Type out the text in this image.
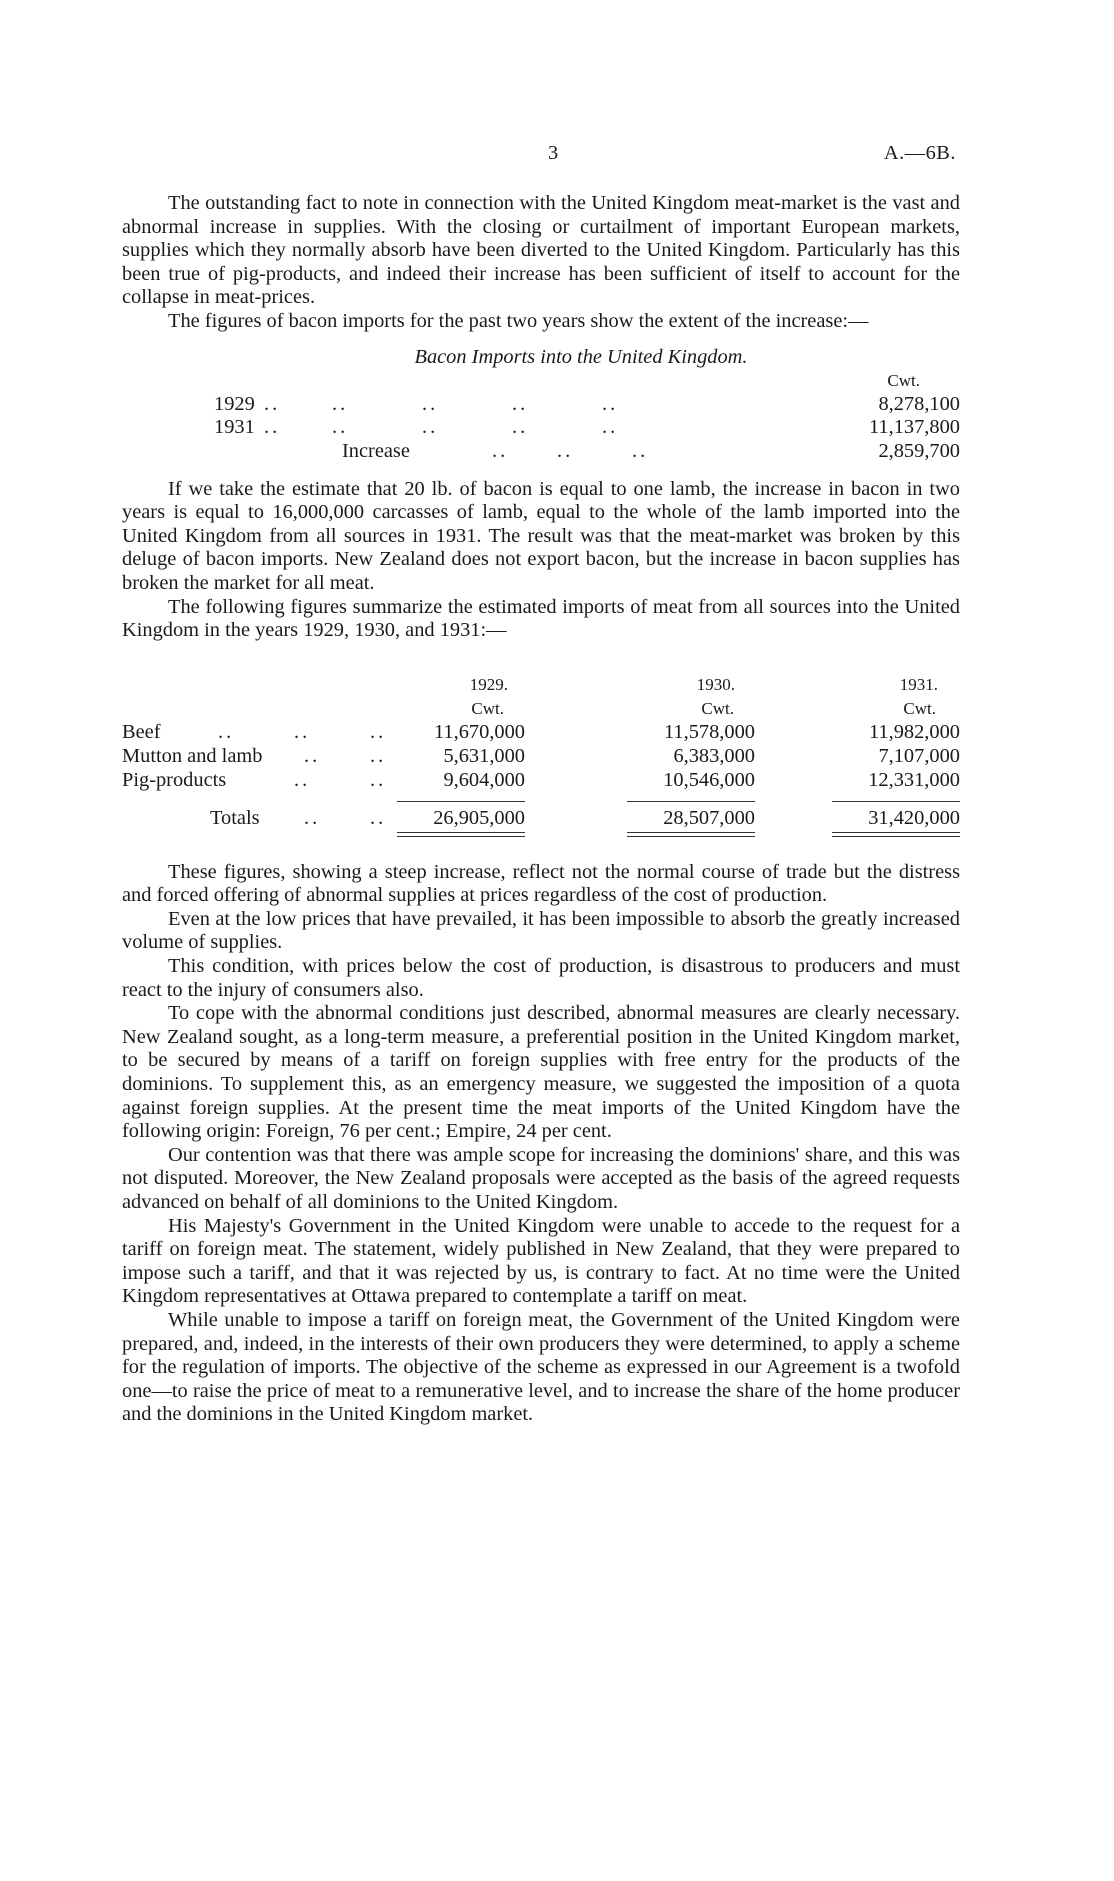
3	A.—6B.

The outstanding fact to note in connection with the United Kingdom meat-market is the vast and abnormal increase in supplies. With the closing or curtailment of important European markets, supplies which they normally absorb have been diverted to the United Kingdom. Particularly has this been true of pig-products, and indeed their increase has been sufficient of itself to account for the collapse in meat-prices.

The figures of bacon imports for the past two years show the extent of the increase:—

Bacon Imports into the United Kingdom.
Cwt.
1929 ..	..	..	..	..	8,278,100
1931 ..	..	..	..	..	11,137,800
Increase	.. ..	..	2,859,700

If we take the estimate that 20 lb. of bacon is equal to one lamb, the increase in bacon in two years is equal to 16,000,000 carcasses of lamb, equal to the whole of the lamb imported into the United Kingdom from all sources in 1931. The result was that the meat-market was broken by this deluge of bacon imports. New Zealand does not export bacon, but the increase in bacon supplies has broken the market for all meat.

The following figures summarize the estimated imports of meat from all sources into the United Kingdom in the years 1929, 1930, and 1931:—

1929.	1930.	1931.
Cwt.	Cwt.	Cwt.
Beef	..	..	.. 11,670,000	11,578,000	11,982,000
Mutton and lamb .. ..	5,631,000	6,383,000	7,107,000
Pig-products	..	..	9,604,000	10,546,000	12,331,000
Totals .. .. 26,905,000	28,507,000	31,420,000

These figures, showing a steep increase, reflect not the normal course of trade but the distress and forced offering of abnormal supplies at prices regardless of the cost of production.

Even at the low prices that have prevailed, it has been impossible to absorb the greatly increased volume of supplies.

This condition, with prices below the cost of production, is disastrous to producers and must react to the injury of consumers also.

To cope with the abnormal conditions just described, abnormal measures are clearly necessary. New Zealand sought, as a long-term measure, a preferential position in the United Kingdom market, to be secured by means of a tariff on foreign supplies with free entry for the products of the dominions. To supplement this, as an emergency measure, we suggested the imposition of a quota against foreign supplies. At the present time the meat imports of the United Kingdom have the following origin: Foreign, 76 per cent.; Empire, 24 per cent.

Our contention was that there was ample scope for increasing the dominions' share, and this was not disputed. Moreover, the New Zealand proposals were accepted as the basis of the agreed requests advanced on behalf of all dominions to the United Kingdom.

His Majesty's Government in the United Kingdom were unable to accede to the request for a tariff on foreign meat. The statement, widely published in New Zealand, that they were prepared to impose such a tariff, and that it was rejected by us, is contrary to fact. At no time were the United Kingdom representatives at Ottawa prepared to contemplate a tariff on meat.

While unable to impose a tariff on foreign meat, the Government of the United Kingdom were prepared, and, indeed, in the interests of their own producers they were determined, to apply a scheme for the regulation of imports. The objective of the scheme as expressed in our Agreement is a twofold one—to raise the price of meat to a remunerative level, and to increase the share of the home producer and the dominions in the United Kingdom market.
